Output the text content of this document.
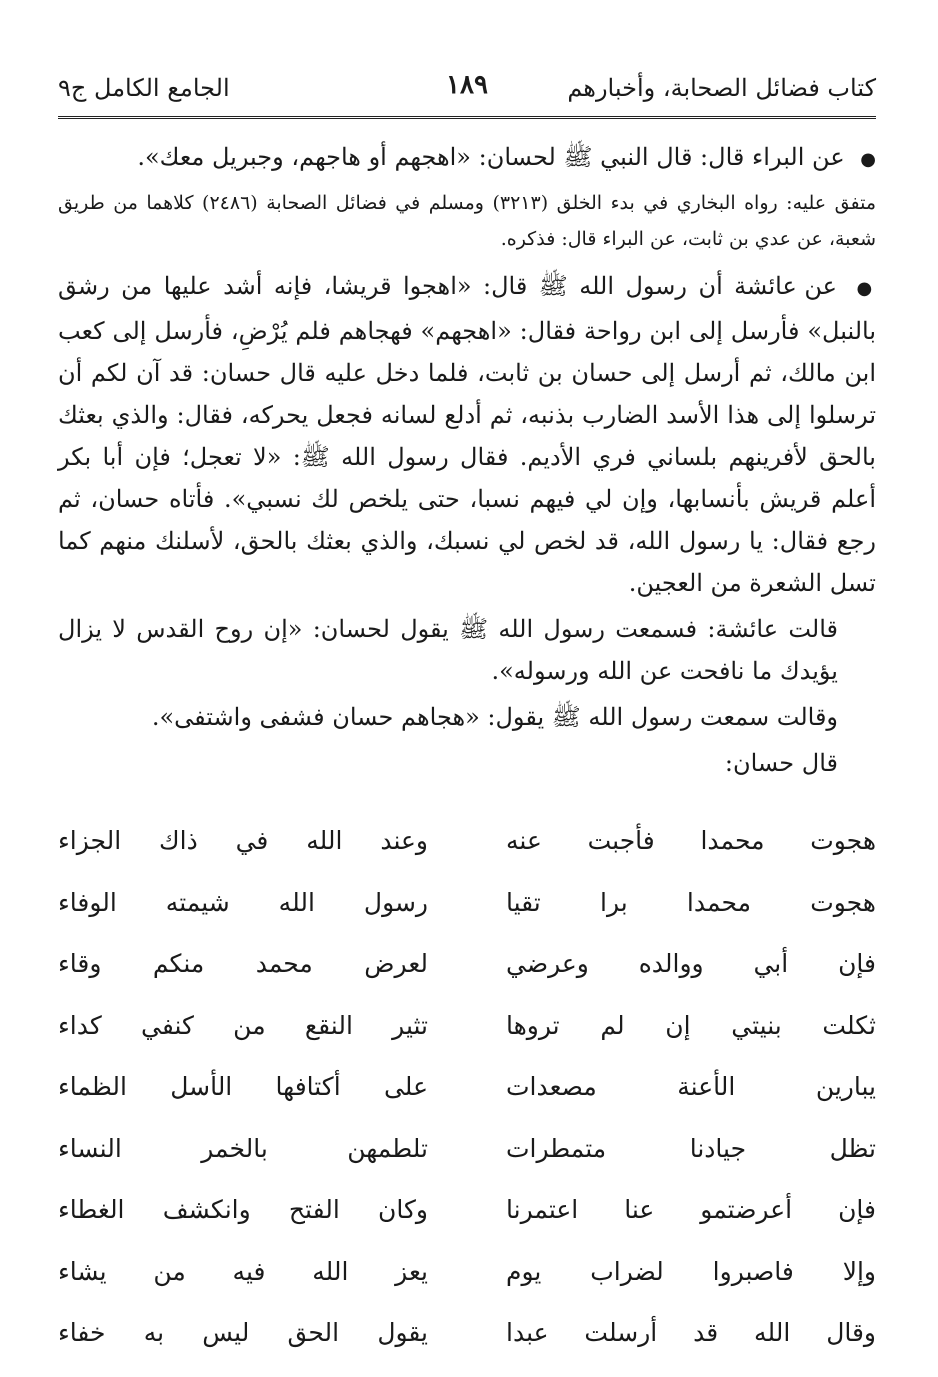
كتاب فضائل الصحابة، وأخبارهم
١٨٩
الجامع الكامل ج٩

● عن البراء قال: قال النبي ﷺ لحسان: «اهجهم أو هاجهم، وجبريل معك».

متفق عليه: رواه البخاري في بدء الخلق (٣٢١٣) ومسلم في فضائل الصحابة (٢٤٨٦) كلاهما من طريق شعبة، عن عدي بن ثابت، عن البراء قال: فذكره.

● عن عائشة أن رسول الله ﷺ قال: «اهجوا قريشا، فإنه أشد عليها من رشق بالنبل» فأرسل إلى ابن رواحة فقال: «اهجهم» فهجاهم فلم يُرْضِ، فأرسل إلى كعب ابن مالك، ثم أرسل إلى حسان بن ثابت، فلما دخل عليه قال حسان: قد آن لكم أن ترسلوا إلى هذا الأسد الضارب بذنبه، ثم أدلع لسانه فجعل يحركه، فقال: والذي بعثك بالحق لأفرينهم بلساني فري الأديم. فقال رسول الله ﷺ: «لا تعجل؛ فإن أبا بكر أعلم قريش بأنسابها، وإن لي فيهم نسبا، حتى يلخص لك نسبي». فأتاه حسان، ثم رجع فقال: يا رسول الله، قد لخص لي نسبك، والذي بعثك بالحق، لأسلنك منهم كما تسل الشعرة من العجين.

قالت عائشة: فسمعت رسول الله ﷺ يقول لحسان: «إن روح القدس لا يزال يؤيدك ما نافحت عن الله ورسوله».

وقالت سمعت رسول الله ﷺ يقول: «هجاهم حسان فشفى واشتفى».

قال حسان:

هجوت محمدا فأجبت عنه
وعند الله في ذاك الجزاء
هجوت محمدا برا تقيا
رسول الله شيمته الوفاء
فإن أبي ووالده وعرضي
لعرض محمد منكم وقاء
ثكلت بنيتي إن لم تروها
تثير النقع من كنفي كداء
يبارين الأعنة مصعدات
على أكتافها الأسل الظماء
تظل جيادنا متمطرات
تلطمهن بالخمر النساء
فإن أعرضتمو عنا اعتمرنا
وكان الفتح وانكشف الغطاء
وإلا فاصبروا لضراب يوم
يعز الله فيه من يشاء
وقال الله قد أرسلت عبدا
يقول الحق ليس به خفاء
